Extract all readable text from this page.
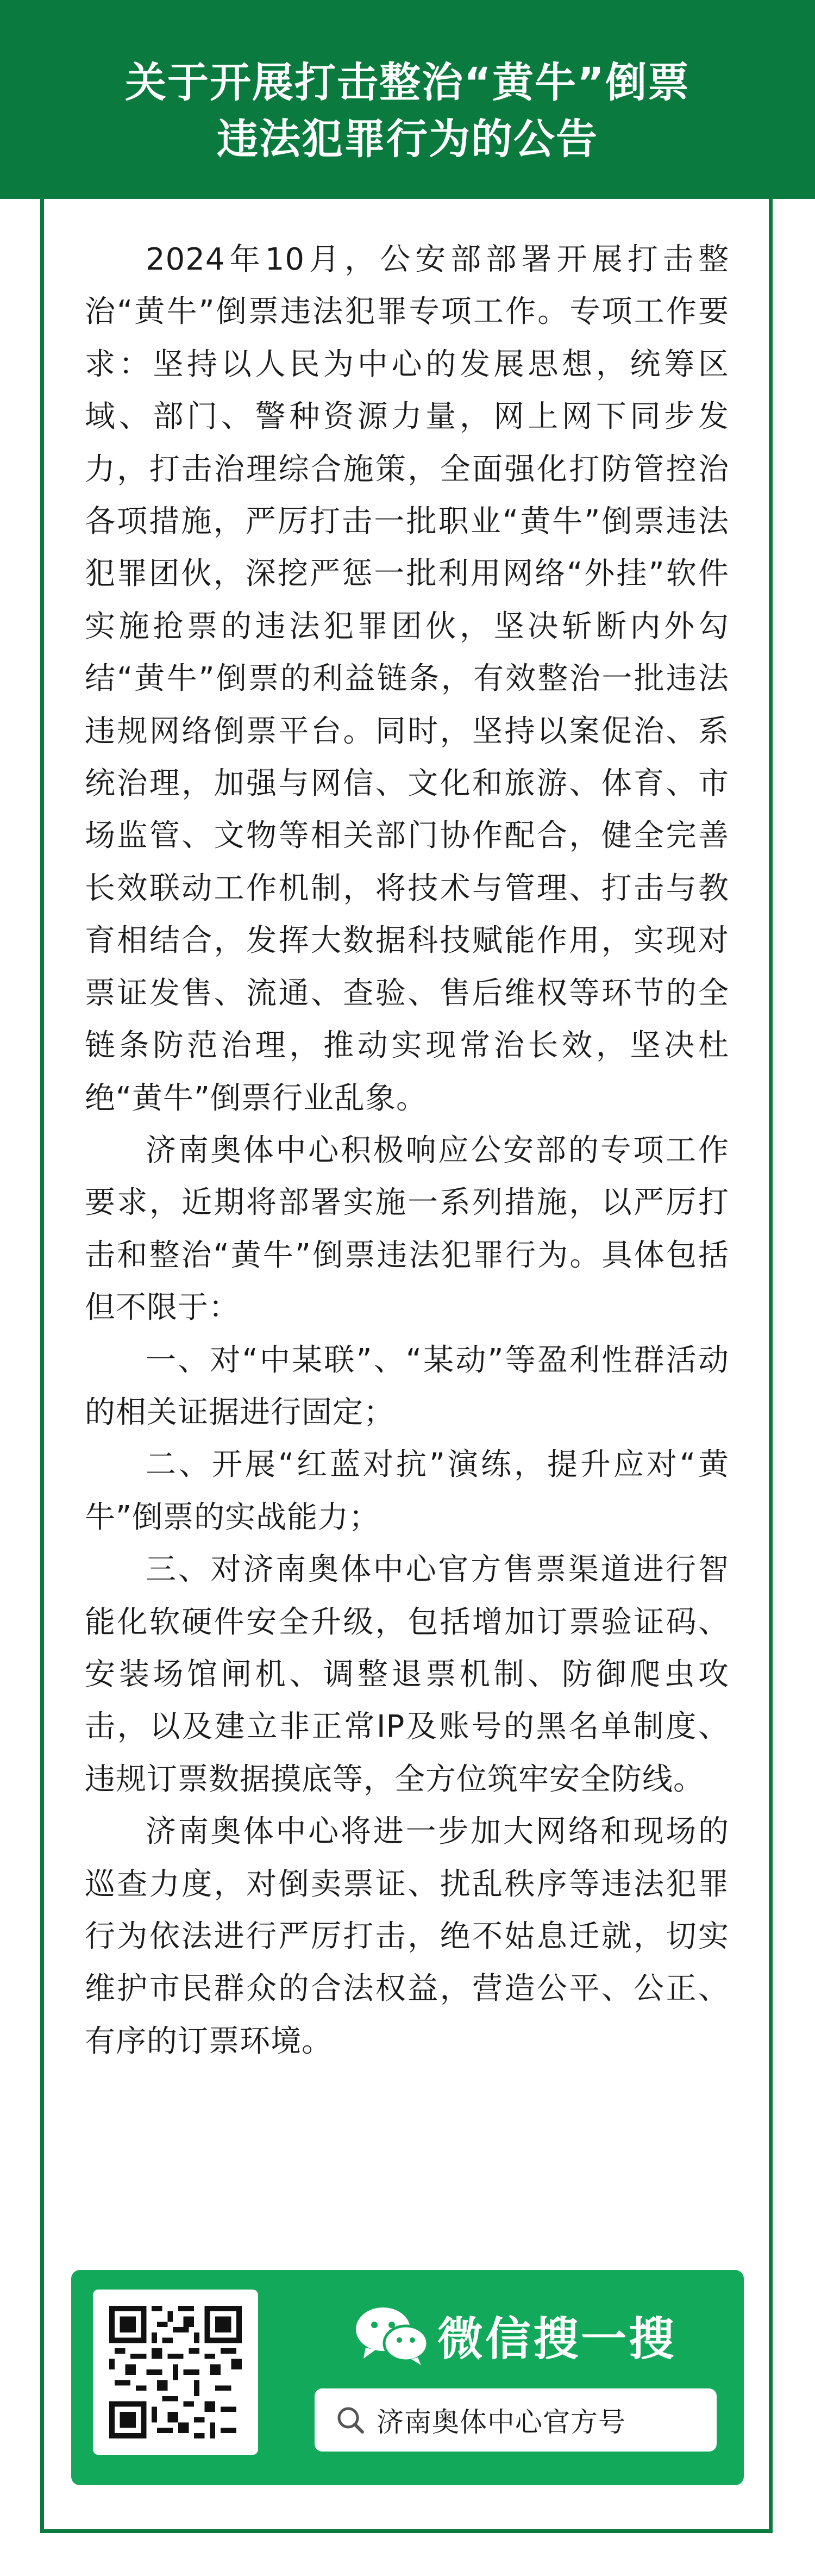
关于开展打击整治“黄牛”倒票
违法犯罪行为的公告

2024年10月，公安部部署开展打击整治“黄牛”倒票违法犯罪专项工作。专项工作要求：坚持以人民为中心的发展思想，统筹区域、部门、警种资源力量，网上网下同步发力，打击治理综合施策，全面强化打防管控治各项措施，严厉打击一批职业“黄牛”倒票违法犯罪团伙，深挖严惩一批利用网络“外挂”软件实施抢票的违法犯罪团伙，坚决斩断内外勾结“黄牛”倒票的利益链条，有效整治一批违法违规网络倒票平台。同时，坚持以案促治、系统治理，加强与网信、文化和旅游、体育、市场监管、文物等相关部门协作配合，健全完善长效联动工作机制，将技术与管理、打击与教育相结合，发挥大数据科技赋能作用，实现对票证发售、流通、查验、售后维权等环节的全链条防范治理，推动实现常治长效，坚决杜绝“黄牛”倒票行业乱象。

济南奥体中心积极响应公安部的专项工作要求，近期将部署实施一系列措施，以严厉打击和整治“黄牛”倒票违法犯罪行为。具体包括但不限于：

一、对“中某联”、“某动”等盈利性群活动的相关证据进行固定；

二、开展“红蓝对抗”演练，提升应对“黄牛”倒票的实战能力；

三、对济南奥体中心官方售票渠道进行智能化软硬件安全升级，包括增加订票验证码、安装场馆闸机、调整退票机制、防御爬虫攻击，以及建立非正常IP及账号的黑名单制度、违规订票数据摸底等，全方位筑牢安全防线。

济南奥体中心将进一步加大网络和现场的巡查力度，对倒卖票证、扰乱秩序等违法犯罪行为依法进行严厉打击，绝不姑息迁就，切实维护市民群众的合法权益，营造公平、公正、有序的订票环境。

微信搜一搜
济南奥体中心官方号
